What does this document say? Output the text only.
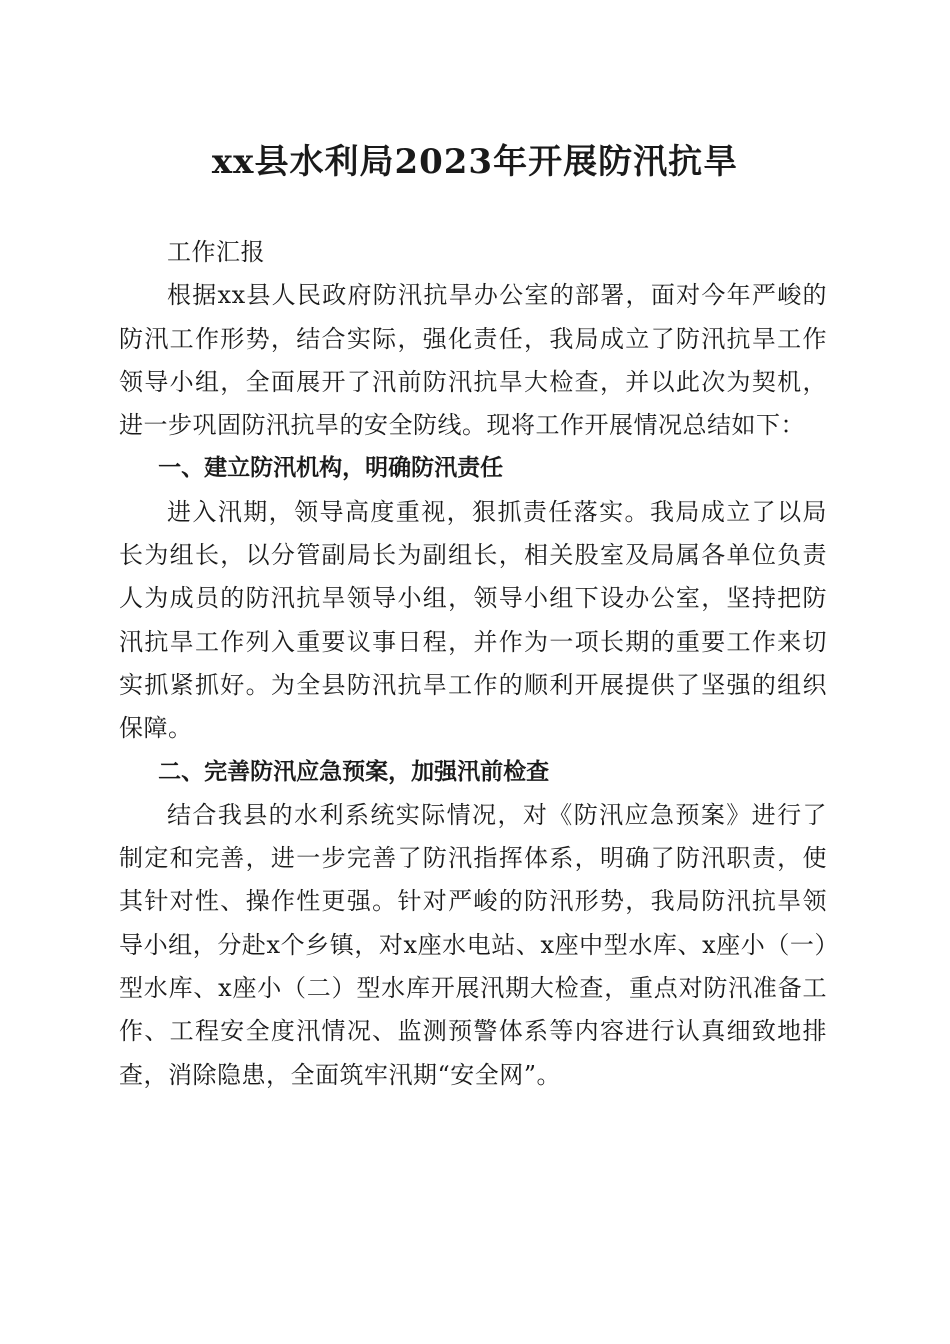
xx县水利局2023年开展防汛抗旱

工作汇报

根据xx县人民政府防汛抗旱办公室的部署，面对今年严峻的防汛工作形势，结合实际，强化责任，我局成立了防汛抗旱工作领导小组，全面展开了汛前防汛抗旱大检查，并以此次为契机，进一步巩固防汛抗旱的安全防线。现将工作开展情况总结如下：

一、建立防汛机构，明确防汛责任

进入汛期，领导高度重视，狠抓责任落实。我局成立了以局长为组长，以分管副局长为副组长，相关股室及局属各单位负责人为成员的防汛抗旱领导小组，领导小组下设办公室，坚持把防汛抗旱工作列入重要议事日程，并作为一项长期的重要工作来切实抓紧抓好。为全县防汛抗旱工作的顺利开展提供了坚强的组织保障。

二、完善防汛应急预案，加强汛前检查

结合我县的水利系统实际情况，对《防汛应急预案》进行了制定和完善，进一步完善了防汛指挥体系，明确了防汛职责，使其针对性、操作性更强。针对严峻的防汛形势，我局防汛抗旱领导小组，分赴x个乡镇，对x座水电站、x座中型水库、x座小（一）型水库、x座小（二）型水库开展汛期大检查，重点对防汛准备工作、工程安全度汛情况、监测预警体系等内容进行认真细致地排查，消除隐患，全面筑牢汛期“安全网”。
